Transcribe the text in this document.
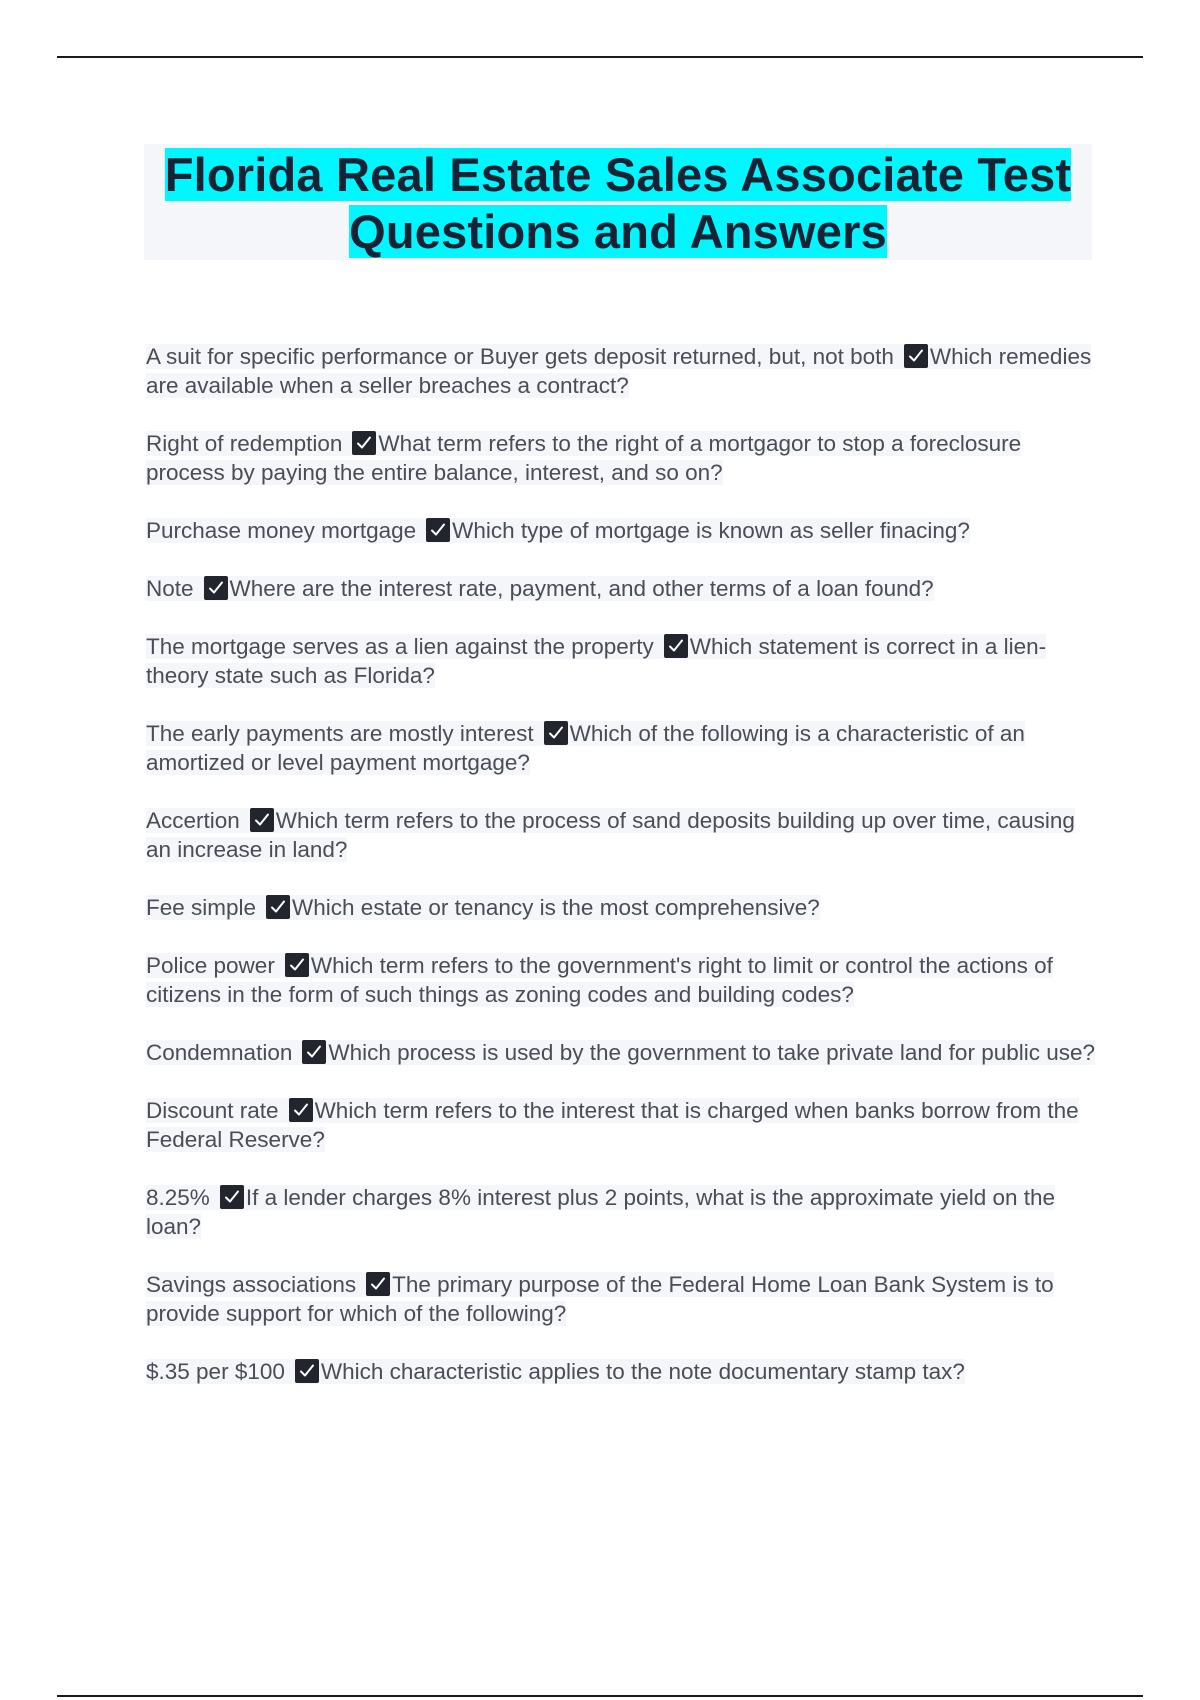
Florida Real Estate Sales Associate Test
Questions and Answers
A suit for specific performance or Buyer gets deposit returned, but, not both Which remedies are available when a seller breaches a contract?
Right of redemption What term refers to the right of a mortgagor to stop a foreclosure process by paying the entire balance, interest, and so on?
Purchase money mortgage Which type of mortgage is known as seller finacing?
Note Where are the interest rate, payment, and other terms of a loan found?
The mortgage serves as a lien against the property Which statement is correct in a lien-theory state such as Florida?
The early payments are mostly interest Which of the following is a characteristic of an amortized or level payment mortgage?
Accertion Which term refers to the process of sand deposits building up over time, causing an increase in land?
Fee simple Which estate or tenancy is the most comprehensive?
Police power Which term refers to the government's right to limit or control the actions of citizens in the form of such things as zoning codes and building codes?
Condemnation Which process is used by the government to take private land for public use?
Discount rate Which term refers to the interest that is charged when banks borrow from the Federal Reserve?
8.25% If a lender charges 8% interest plus 2 points, what is the approximate yield on the loan?
Savings associations The primary purpose of the Federal Home Loan Bank System is to provide support for which of the following?
$.35 per $100 Which characteristic applies to the note documentary stamp tax?
